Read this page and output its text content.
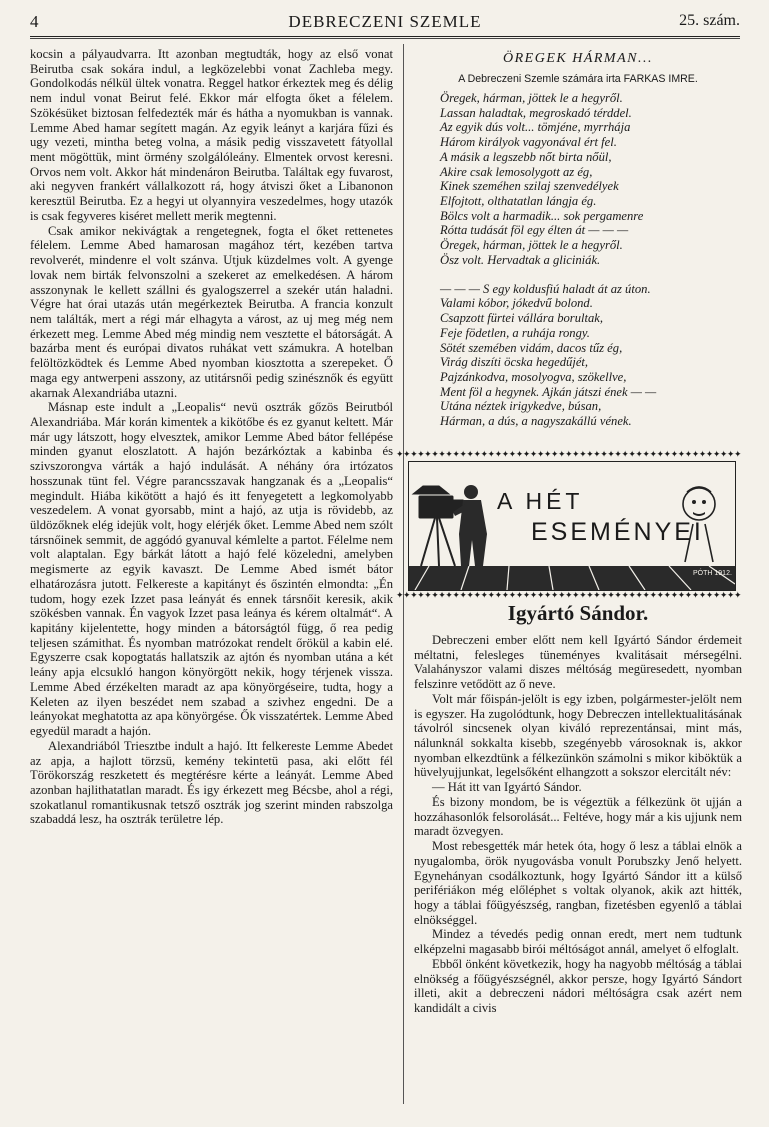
4	DEBRECZENI SZEMLE	25. szám.

kocsin a pályaudvarra. Itt azonban megtudták, hogy az első vonat Beirutba csak sokára indul, a legközelebbi vonat Zachleba megy. Gondolkodás nélkül ültek vonatra. Reggel hatkor érkeztek meg és délig nem indul vonat Beirut felé. Ekkor már elfogta őket a félelem. Szökésüket biztosan felfedezték már és hátha a nyomukban is vannak. Lemme Abed hamar segített magán. Az egyik leányt a karjára fűzi és ugy vezeti, mintha beteg volna, a másik pedig visszavetett fátyollal ment mögöttük, mint örmény szolgálóleány. Elmentek orvost keresni. Orvos nem volt. Akkor hát mindenáron Beirutba. Találtak egy fuvarost, aki negyven frankért vállalkozott rá, hogy átviszi őket a Libanonon keresztül Beirutba. Ez a hegyi ut olyannyira veszedelmes, hogy utazók is csak fegyveres kiséret mellett merik megtenni.

Csak amikor nekivágtak a rengetegnek, fogta el őket rettenetes félelem. Lemme Abed hamarosan magához tért, kezében tartva revolverét, mindenre el volt szánva. Utjuk küzdelmes volt. A gyenge lovak nem birták felvonszolni a szekeret az emelkedésen. A három asszonynak le kellett szállni és gyalogszerrel a szekér után haladni. Végre hat órai utazás után megérkeztek Beirutba. A francia konzult nem találták, mert a régi már elhagyta a várost, az uj meg még nem érkezett meg. Lemme Abed még mindig nem vesztette el bátorságát. A bazárba ment és európai divatos ruhákat vett számukra. A hotelban felöltözködtek és Lemme Abed nyomban kiosztotta a szerepeket. Ő maga egy antwerpeni asszony, az utitársnői pedig szinésznők és együtt akarnak Alexandriába utazni.

Másnap este indult a „Leopalis“ nevü osztrák gőzös Beirutból Alexandriába. Már korán kimentek a kikötőbe és ez gyanut keltett. Már már ugy látszott, hogy elvesztek, amikor Lemme Abed bátor fellépése minden gyanut eloszlatott. A hajón bezárkóztak a kabinba és szivszorongva várták a hajó indulását. A néhány óra irtózatos hosszunak tünt fel. Végre parancsszavak hangzanak és a „Leopalis“ megindult. Hiába kikötött a hajó és itt fenyegetett a legkomolyabb veszedelem. A vonat gyorsabb, mint a hajó, az utja is rövidebb, az üldözőknek elég idejük volt, hogy elérjék őket. Lemme Abed nem szólt társnőinek semmit, de aggódó gyanuval kémlelte a partot. Félelme nem volt alaptalan. Egy bárkát látott a hajó felé közeledni, amelyben megismerte az egyik kavaszt. De Lemme Abed ismét bátor elhatározásra jutott. Felkereste a kapitányt és őszintén elmondta: „Én tudom, hogy ezek Izzet pasa leányát és ennek társnőit keresik, akik szökésben vannak. Én vagyok Izzet pasa leánya és kérem oltalmát“. A kapitány kijelentette, hogy minden a bátorságtól függ, ő rea pedig teljesen számithat. És nyomban matrózokat rendelt őrökül a kabin elé. Egyszerre csak kopogtatás hallatszik az ajtón és nyomban utána a két leány apja elcsukló hangon könyörgött nekik, hogy térjenek vissza. Lemme Abed érzékelten maradt az apa könyörgéseire, tudta, hogy a Keleten az ilyen beszédet nem szabad a szivhez engedni. De a leányokat meghatotta az apa könyörgése. Ők visszatértek. Lemme Abed egyedül maradt a hajón.

Alexandriából Triesztbe indult a hajó. Itt felkereste Lemme Abedet az apja, a hajlott törzsü, kemény tekintetü pasa, aki előtt fél Törökország reszketett és megtérésre kérte a leányát. Lemme Abed azonban hajlithatatlan maradt. És igy érkezett meg Bécsbe, ahol a régi, szokatlanul romantikusnak tetsző osztrák jog szerint minden rabszolga szabaddá lesz, ha osztrák területre lép.

ÖREGEK HÁRMAN...
A Debreczeni Szemle számára irta FARKAS IMRE.
Öregek, hárman, jöttek le a hegyről.
Lassan haladtak, megroskadó térddel.
Az egyik dús volt... tömjéne, myrrhája
Három királyok vagyonával ért fel.
A másik a legszebb nőt birta nőül,
Akire csak lemosolygott az ég,
Kinek szeméhen szilaj szenvedélyek
Elfojtott, olthatatlan lángja ég.
Bölcs volt a harmadik... sok pergamenre
Rótta tudását föl egy élten át — — —
Öregek, hárman, jöttek le a hegyről.
Ösz volt. Hervadtak a gliciniák.
— — — S egy koldusfiú haladt át az úton.
Valami kóbor, jókedvű bolond.
Csapzott fürtei vállára borultak,
Feje födetlen, a ruhája rongy.
Sötét szemében vidám, dacos tűz ég,
Virág diszíti öcska hegedűjét,
Pajzánkodva, mosolyogva, szökellve,
Ment föl a hegynek. Ajkán játszi ének — —
Utána néztek irigykedve, búsan,
Hárman, a dús, a nagyszakállú vének.
✦✦✦✦✦✦✦✦✦✦✦✦✦✦✦✦✦✦✦✦✦✦✦✦✦✦✦✦✦✦✦✦✦✦✦✦✦✦✦✦✦✦✦✦✦✦✦✦✦
✦✦✦✦✦✦✦✦✦✦✦✦✦✦✦✦✦✦✦✦✦✦✦✦✦✦✦✦✦✦✦✦✦✦✦✦✦✦✦✦✦✦✦✦✦✦✦✦✦
A HÉT
ESEMÉNYEI
PÓTH 1912.
Igyártó Sándor.

Debreczeni ember előtt nem kell Igyártó Sándor érdemeit méltatni, felesleges tüneményes kvalitásait mérsegélni. Valahányszor valami diszes méltóság megüresedett, nyomban felszinre vetődött az ő neve.

Volt már főispán-jelölt is egy izben, polgármester-jelölt nem is egyszer. Ha zugolódtunk, hogy Debreczen intellektualitásának távolról sincsenek olyan kiváló reprezentánsai, mint más, nálunknál sokkalta kisebb, szegényebb városoknak is, akkor nyomban elkezdtünk a félkezünkön számolni s mikor kiböktük a hüvelyujjunkat, legelsőként elhangzott a sokszor elercitált név:

— Hát itt van Igyártó Sándor.

És bizony mondom, be is végeztük a félkezünk öt ujján a hozzáhasonlók felsorolását... Feltéve, hogy már a kis ujjunk nem maradt özvegyen.

Most rebesgették már hetek óta, hogy ő lesz a táblai elnök a nyugalomba, örök nyugovásba vonult Porubszky Jenő helyett. Egynehányan csodálkoztunk, hogy Igyártó Sándor itt a külső perifériákon még előléphet s voltak olyanok, akik azt hitték, hogy a táblai főügyészség, rangban, fizetésben egyenlő a táblai elnökséggel.

Mindez a tévedés pedig onnan eredt, mert nem tudtunk elképzelni magasabb birói méltóságot annál, amelyet ő elfoglalt.

Ebből önként következik, hogy ha nagyobb méltóság a táblai elnökség a főügyészségnél, akkor persze, hogy Igyártó Sándort illeti, akit a debreczeni nádori méltóságra csak azért nem kandidált a civis
